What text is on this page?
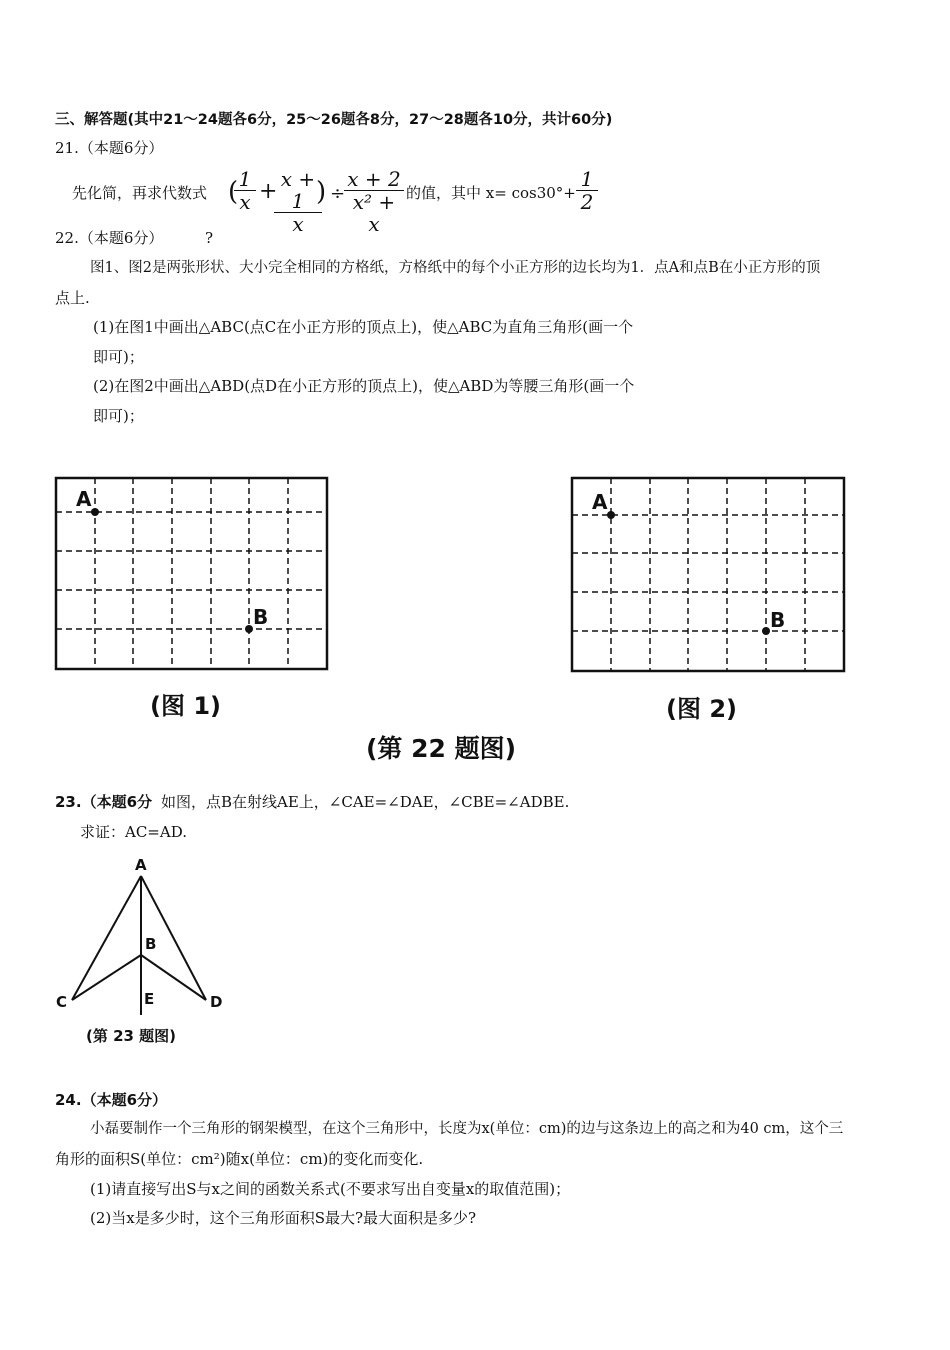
三、解答题(其中21～24题各6分，25～26题各8分，27～28题各10分，共计60分)
21.（本题6分）
先化简，再求代数式 (
$\frac{1}{x}$ +
$\frac{x + 1}{x}$
) ÷
$\frac{x + 2}{\text{x² + x}}$ 的值，其中 $x= \cos 30^\circ+ \frac{1}{2}$
22.（本题6分）	?
图1、图2是两张形状、大小完全相同的方格纸，方格纸中的每个小正方形的边长均为1．点A和点B在小正方形的顶
点上.
(1)在图1中画出△ABC(点C在小正方形的顶点上)，使△ABC为直角三角形(画一个
即可)；
(2)在图2中画出△ABD(点D在小正方形的顶点上)，使△ABD为等腰三角形(画一个
即可)；
A
B
A
B
(图 1)	(图 2)
(第 22 题图)
23.（本题6分 如图，点B在射线AE上，∠CAE=∠DAE，∠CBE=∠ADBE.
求证：AC=AD.
A
B
C	D
E
(第 23 题图)
24.（本题6分）
小磊要制作一个三角形的钢架模型，在这个三角形中，长度为x(单位：cm)的边与这条边上的高之和为40 cm，这个三
角形的面积S(单位：cm²)随x(单位：cm)的变化而变化.
(1)请直接写出S与x之间的函数关系式(不要求写出自变量x的取值范围)；
(2)当x是多少时，这个三角形面积S最大?最大面积是多少?
